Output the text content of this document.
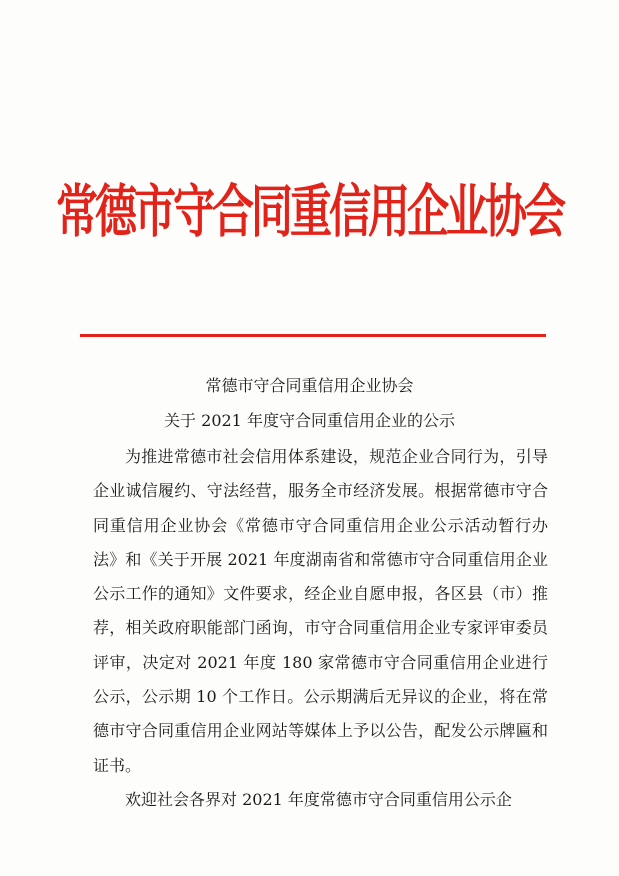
常德市守合同重信用企业协会
常德市守合同重信用企业协会
关于 2021 年度守合同重信用企业的公示

为推进常德市社会信用体系建设，规范企业合同行为，引导企业诚信履约、守法经营，服务全市经济发展。根据常德市守合同重信用企业协会《常德市守合同重信用企业公示活动暂行办法》和《关于开展 2021 年度湖南省和常德市守合同重信用企业公示工作的通知》文件要求，经企业自愿申报，各区县（市）推荐，相关政府职能部门函询，市守合同重信用企业专家评审委员评审，决定对 2021 年度 180 家常德市守合同重信用企业进行公示，公示期 10 个工作日。公示期满后无异议的企业，将在常德市守合同重信用企业网站等媒体上予以公告，配发公示牌匾和证书。

欢迎社会各界对 2021 年度常德市守合同重信用公示企
